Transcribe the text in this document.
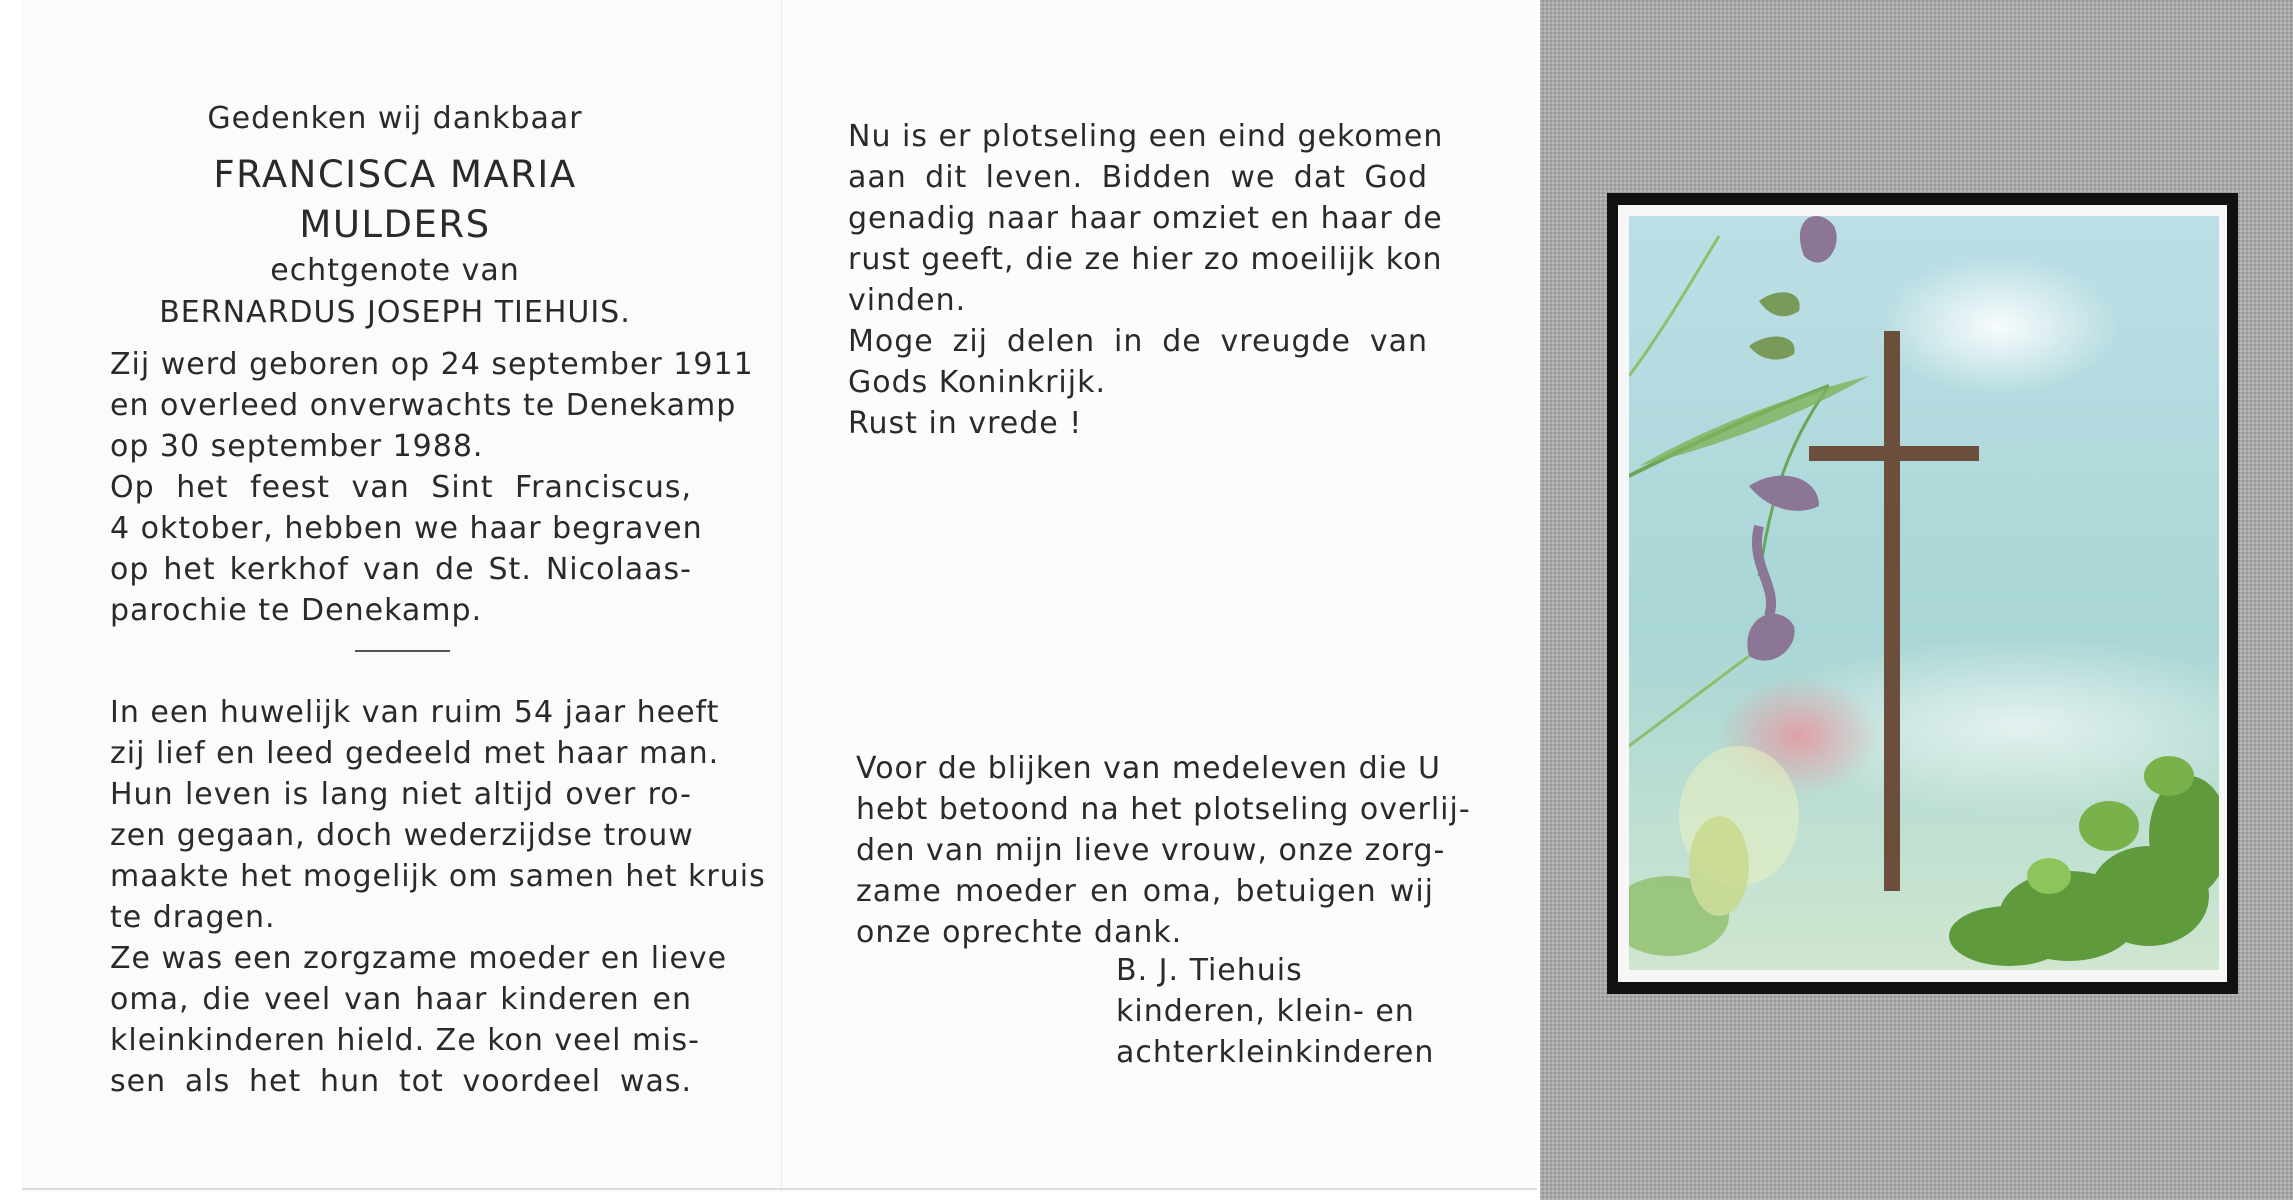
Gedenken wij dankbaar
FRANCISCA MARIA
MULDERS
echtgenote van
BERNARDUS JOSEPH TIEHUIS.
Zij werd geboren op 24 september 1911
en overleed onverwachts te Denekamp
op 30 september 1988.
Op het feest van Sint Franciscus,
4 oktober, hebben we haar begraven
op het kerkhof van de St. Nicolaas-
parochie te Denekamp.
In een huwelijk van ruim 54 jaar heeft
zij lief en leed gedeeld met haar man.
Hun leven is lang niet altijd over ro-
zen gegaan, doch wederzijdse trouw
maakte het mogelijk om samen het kruis
te dragen.
Ze was een zorgzame moeder en lieve
oma, die veel van haar kinderen en
kleinkinderen hield. Ze kon veel mis-
sen als het hun tot voordeel was.
Nu is er plotseling een eind gekomen
aan dit leven. Bidden we dat God
genadig naar haar omziet en haar de
rust geeft, die ze hier zo moeilijk kon
vinden.
Moge zij delen in de vreugde van
Gods Koninkrijk.
Rust in vrede !
Voor de blijken van medeleven die U
hebt betoond na het plotseling overlij-
den van mijn lieve vrouw, onze zorg-
zame moeder en oma, betuigen wij
onze oprechte dank.
B. J. Tiehuis
kinderen, klein- en
achterkleinkinderen
